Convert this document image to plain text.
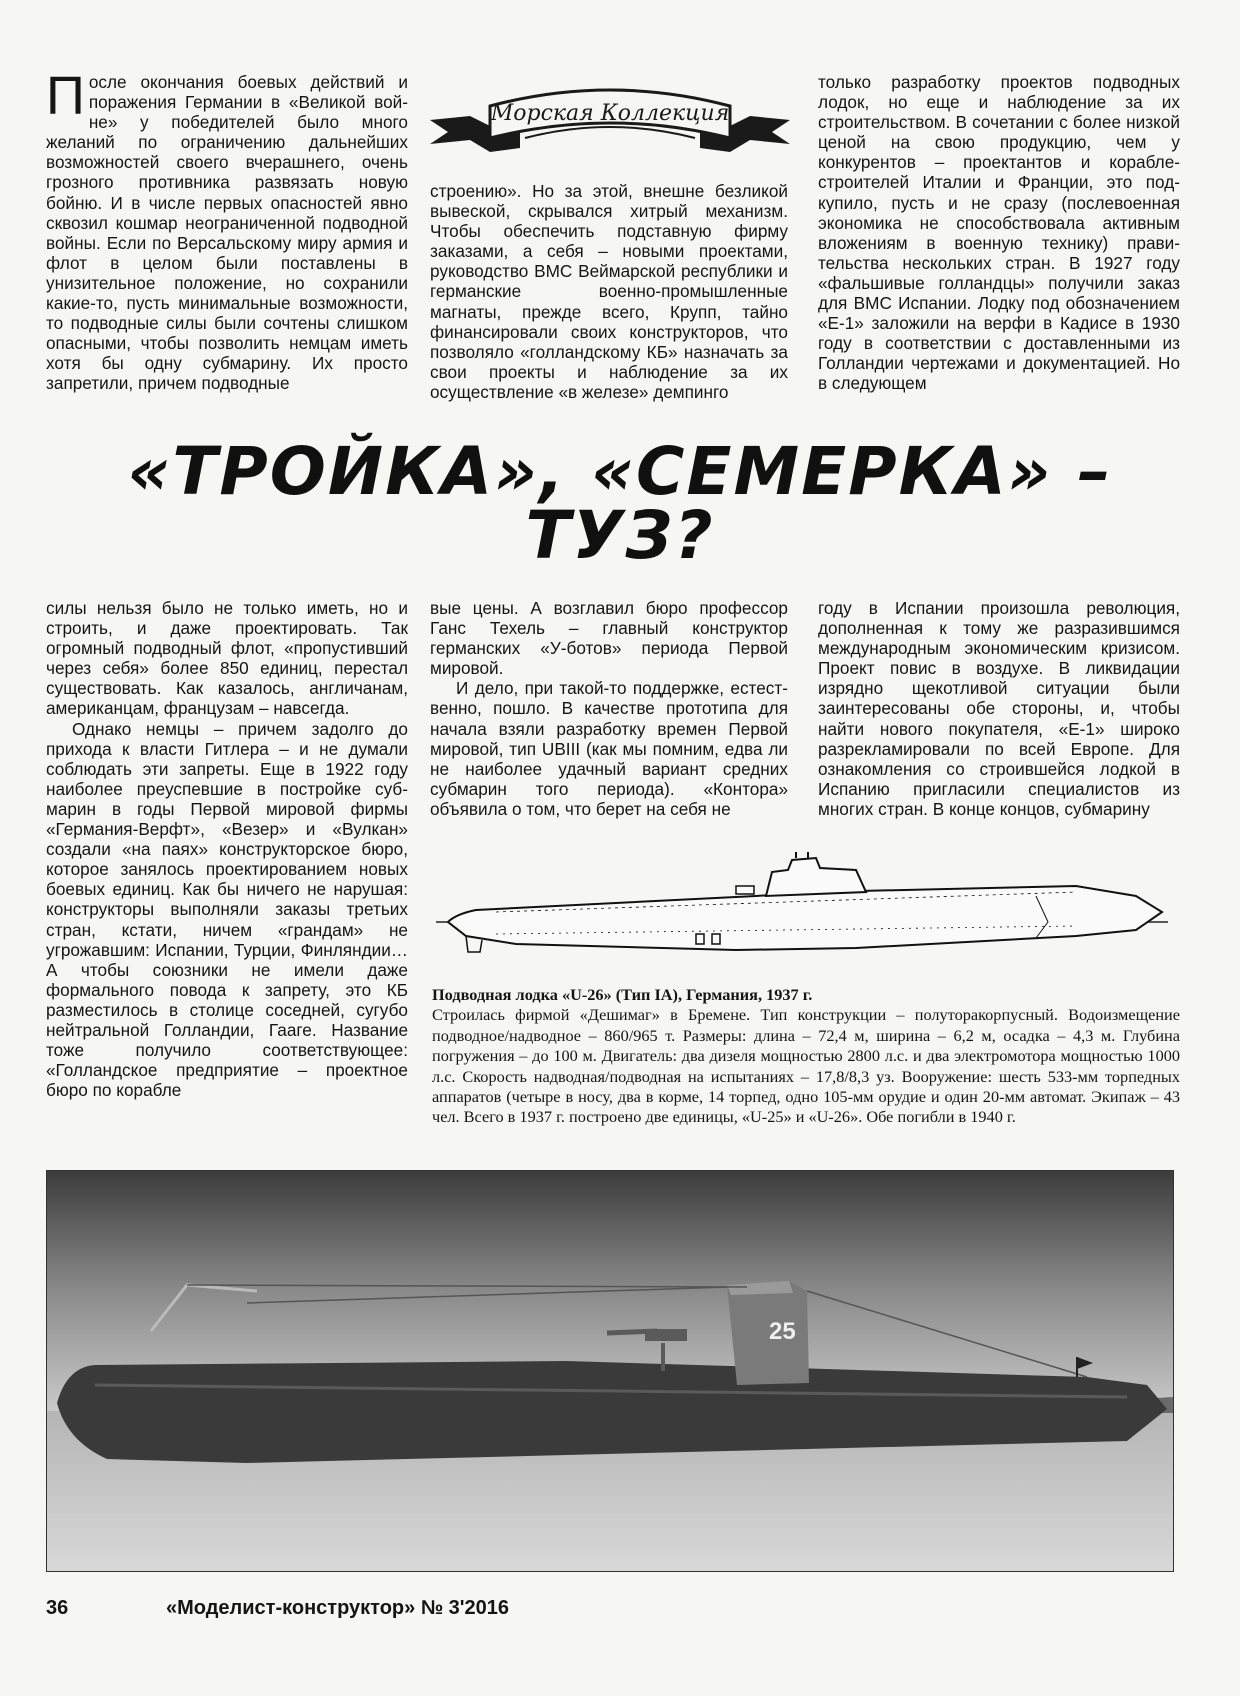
После окончания боевых действий и поражения Германии в «Великой войне» у победителей было много желаний по ограничению дальнейших возможностей своего вчерашнего, очень грозного противника развязать новую бойню. И в числе первых опасностей явно сквозил кошмар неограниченной подводной войны. Если по Версальскому миру армия и флот в целом были поставлены в унизительное положение, но сохранили какие-то, пусть минимальные возможности, то подводные силы были сочтены слишком опасными, чтобы позволить немцам иметь хотя бы одну субмарину. Их просто запретили, причем подводные

Морская Коллекция

строению». Но за этой, внешне безликой вывеской, скрывался хитрый механизм. Чтобы обеспечить подставную фирму заказами, а себя – новыми проектами, руководство ВМС Веймарской республики и германские военно-промышленные магнаты, прежде всего, Крупп, тайно финансировали своих конструкторов, что позволяло «голландскому КБ» назначать за свои проекты и наблюдение за их осуществление «в железе» демпинго

только разработку проектов подводных лодок, но еще и наблюдение за их строительством. В сочетании с более низкой ценой на свою продукцию, чем у конкурентов – проектантов и кораблестроителей Италии и Франции, это подкупило, пусть и не сразу (послевоенная экономика не способствовала активным вложениям в военную технику) правительства нескольких стран. В 1927 году «фальшивые голландцы» получили заказ для ВМС Испании. Лодку под обозначением «Е-1» заложили на верфи в Кадисе в 1930 году в соответствии с доставленными из Голландии чертежами и документацией. Но в следующем

«ТРОЙКА», «СЕМЕРКА» –
ТУЗ?

силы нельзя было не только иметь, но и строить, и даже проектировать. Так огромный подводный флот, «пропустивший через себя» более 850 единиц, перестал существовать. Как казалось, англичанам, американцам, французам – навсегда.

Однако немцы – причем задолго до прихода к власти Гитлера – и не думали соблюдать эти запреты. Еще в 1922 году наиболее преуспевшие в постройке субмарин в годы Первой мировой фирмы «Германия-Верфт», «Везер» и «Вулкан» создали «на паях» конструкторское бюро, которое занялось проектированием новых боевых единиц. Как бы ничего не нарушая: конструкторы выполняли заказы третьих стран, кстати, ничем «грандам» не угрожавшим: Испании, Турции, Финляндии… А чтобы союзники не имели даже формального повода к запрету, это КБ разместилось в столице соседней, сугубо нейтральной Голландии, Гааге. Название тоже получило соответствующее: «Голландское предприятие – проектное бюро по корабле

вые цены. А возглавил бюро профессор Ганс Техель – главный конструктор германских «У-ботов» периода Первой мировой.

И дело, при такой-то поддержке, естественно, пошло. В качестве прототипа для начала взяли разработку времен Первой мировой, тип UBIII (как мы помним, едва ли не наиболее удачный вариант средних субмарин того периода). «Контора» объявила о том, что берет на себя не

году в Испании произошла революция, дополненная к тому же разразившимся международным экономическим кризисом. Проект повис в воздухе. В ликвидации изрядно щекотливой ситуации были заинтересованы обе стороны, и, чтобы найти нового покупателя, «Е-1» широко разрекламировали по всей Европе. Для ознакомления со строившейся лодкой в Испанию пригласили специалистов из многих стран. В конце концов, субмарину

Подводная лодка «U-26» (Тип IA), Германия, 1937 г.
Строилась фирмой «Дешимаг» в Бремене. Тип конструкции – полуторакорпусный. Водоизмещение подводное/надводное – 860/965 т. Размеры: длина – 72,4 м, ширина – 6,2 м, осадка – 4,3 м. Глубина погружения – до 100 м. Двигатель: два дизеля мощностью 2800 л.с. и два электромотора мощностью 1000 л.с. Скорость надводная/подводная на испытаниях – 17,8/8,3 уз. Вооружение: шесть 533-мм торпедных аппаратов (четыре в носу, два в корме, 14 торпед, одно 105-мм орудие и один 20-мм автомат. Экипаж – 43 чел. Всего в 1937 г. построено две единицы, «U-25» и «U-26». Обе погибли в 1940 г.

25
36	«Моделист-конструктор» № 3'2016
